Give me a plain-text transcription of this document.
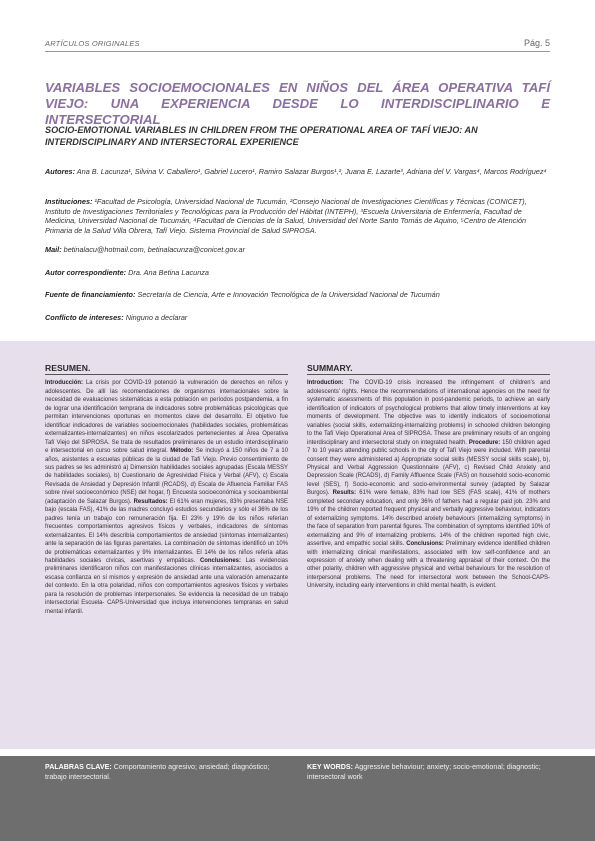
ARTÍCULOS ORIGINALES	Pág. 5
VARIABLES SOCIOEMOCIONALES EN NIÑOS DEL ÁREA OPERATIVA TAFÍ VIEJO: UNA EXPERIENCIA DESDE LO INTERDISCIPLINARIO E INTERSECTORIAL
SOCIO-EMOTIONAL VARIABLES IN CHILDREN FROM THE OPERATIONAL AREA OF TAFÍ VIEJO: AN INTERDISCIPLINARY AND INTERSECTORAL EXPERIENCE
Autores: Ana B. Lacunza¹, Silvina V. Caballero¹, Gabriel Lucero¹, Ramiro Salazar Burgos¹,², Juana E. Lazarte³, Adriana del V. Vargas⁴, Marcos Rodríguez⁴
Instituciones: ¹Facultad de Psicología, Universidad Nacional de Tucumán, ²Consejo Nacional de Investigaciones Científicas y Técnicas (CONICET), Instituto de Investigaciones Territoriales y Tecnológicas para la Producción del Hábitat (INTEPH), ³Escuela Universitaria de Enfermería, Facultad de Medicina, Universidad Nacional de Tucumán, ⁴Facultad de Ciencias de la Salud, Universidad del Norte Santo Tomás de Aquino, ⁵Centro de Atención Primaria de la Salud Villa Obrera, Tafí Viejo. Sistema Provincial de Salud SIPROSA.
Mail: betinalacu@hotmail.com, betinalacunza@conicet.gov.ar
Autor correspondiente: Dra. Ana Betina Lacunza
Fuente de financiamiento: Secretaría de Ciencia, Arte e Innovación Tecnológica de la Universidad Nacional de Tucumán
Conflicto de intereses: Ninguno a declarar
RESUMEN.

Introducción: La crisis por COVID-19 potenció la vulneración de derechos en niños y adolescentes. De allí las recomendaciones de organismos internacionales sobre la necesidad de evaluaciones sistemáticas a esta población en períodos postpandemia, a fin de lograr una identificación temprana de indicadores sobre problemáticas psicológicas que permitan intervenciones oportunas en momentos clave del desarrollo. El objetivo fue identificar indicadores de variables socioemocionales (habilidades sociales, problemáticas externalizantes-internalizantes) en niños escolarizados pertenecientes al Área Operativa Tafí Viejo del SIPROSA. Se trata de resultados preliminares de un estudio interdisciplinario e intersectorial en curso sobre salud integral. Método: Se incluyó a 150 niños de 7 a 10 años, asistentes a escuelas públicas de la ciudad de Tafí Viejo. Previo consentimiento de sus padres se les administró a) Dimensión habilidades sociales agrupadas (Escala MESSY de habilidades sociales), b) Cuestionario de Agresividad Física y Verbal (AFV), c) Escala Revisada de Ansiedad y Depresión Infantil (RCADS), d) Escala de Afluencia Familiar FAS sobre nivel socioeconómico (NSE) del hogar, f) Encuesta socioeconómica y socioambiental (adaptación de Salazar Burgos). Resultados: El 61% eran mujeres, 83% presentaba NSE bajo (escala FAS), 41% de las madres concluyó estudios secundarios y sólo el 36% de los padres tenía un trabajo con remuneración fija. El 23% y 19% de los niños referían frecuentes comportamientos agresivos físicos y verbales, indicadores de síntomas externalizantes. El 14% describía comportamientos de ansiedad (síntomas internalizantes) ante la separación de las figuras parentales. La combinación de síntomas identificó un 10% de problemáticas externalizantes y 9% internalizantes. El 14% de los niños refería altas habilidades sociales cívicas, asertivas y empáticas. Conclusiones: Las evidencias preliminares identificaron niños con manifestaciones clínicas internalizantes, asociados a escasa confianza en sí mismos y expresión de ansiedad ante una valoración amenazante del contexto. En la otra polaridad, niños con comportamientos agresivos físicos y verbales para la resolución de problemas interpersonales. Se evidencia la necesidad de un trabajo intersectorial Escuela- CAPS-Universidad que incluya intervenciones tempranas en salud mental infantil.

SUMMARY.

Introduction: The COVID-19 crisis increased the infringement of children's and adolescents' rights. Hence the recommendations of international agencies on the need for systematic assessments of this population in post-pandemic periods, to achieve an early identification of indicators of psychological problems that allow timely interventions at key moments of development. The objective was to identify indicators of socioemotional variables (social skills, externalizing-internalizing problems) in schooled children belonging to the Tafí Viejo Operational Area of SIPROSA. These are preliminary results of an ongoing interdisciplinary and intersectoral study on integrated health. Procedure: 150 children aged 7 to 10 years attending public schools in the city of Tafí Viejo were included. With parental consent they were administered a) Appropriate social skills (MESSY social skills scale), b), Physical and Verbal Aggression Questionnaire (AFV), c) Revised Child Anxiety and Depression Scale (RCADS), d) Family Affluence Scale (FAS) on household socio-economic level (SES), f) Socio-economic and socio-environmental survey (adapted by Salazar Burgos). Results: 61% were female, 83% had low SES (FAS scale), 41% of mothers completed secondary education, and only 36% of fathers had a regular paid job. 23% and 19% of the children reported frequent physical and verbally aggressive behaviour, indicators of externalizing symptoms. 14% described anxiety behaviours (internalizing symptoms) in the face of separation from parental figures. The combination of symptoms identified 10% of externalizing and 9% of internalizing problems. 14% of the children reported high civic, assertive, and empathic social skills. Conclusions: Preliminary evidence identified children with internalizing clinical manifestations, associated with low self-confidence and an expression of anxiety when dealing with a threatening appraisal of their context. On the other polarity, children with aggressive physical and verbal behaviours for the resolution of interpersonal problems. The need for intersectoral work between the School-CAPS-University, including early interventions in child mental health, is evident.

PALABRAS CLAVE: Comportamiento agresivo; ansiedad; diagnóstico; trabajo intersectorial.
KEY WORDS: Aggressive behaviour; anxiety; socio-emotional; diagnostic; intersectoral work
